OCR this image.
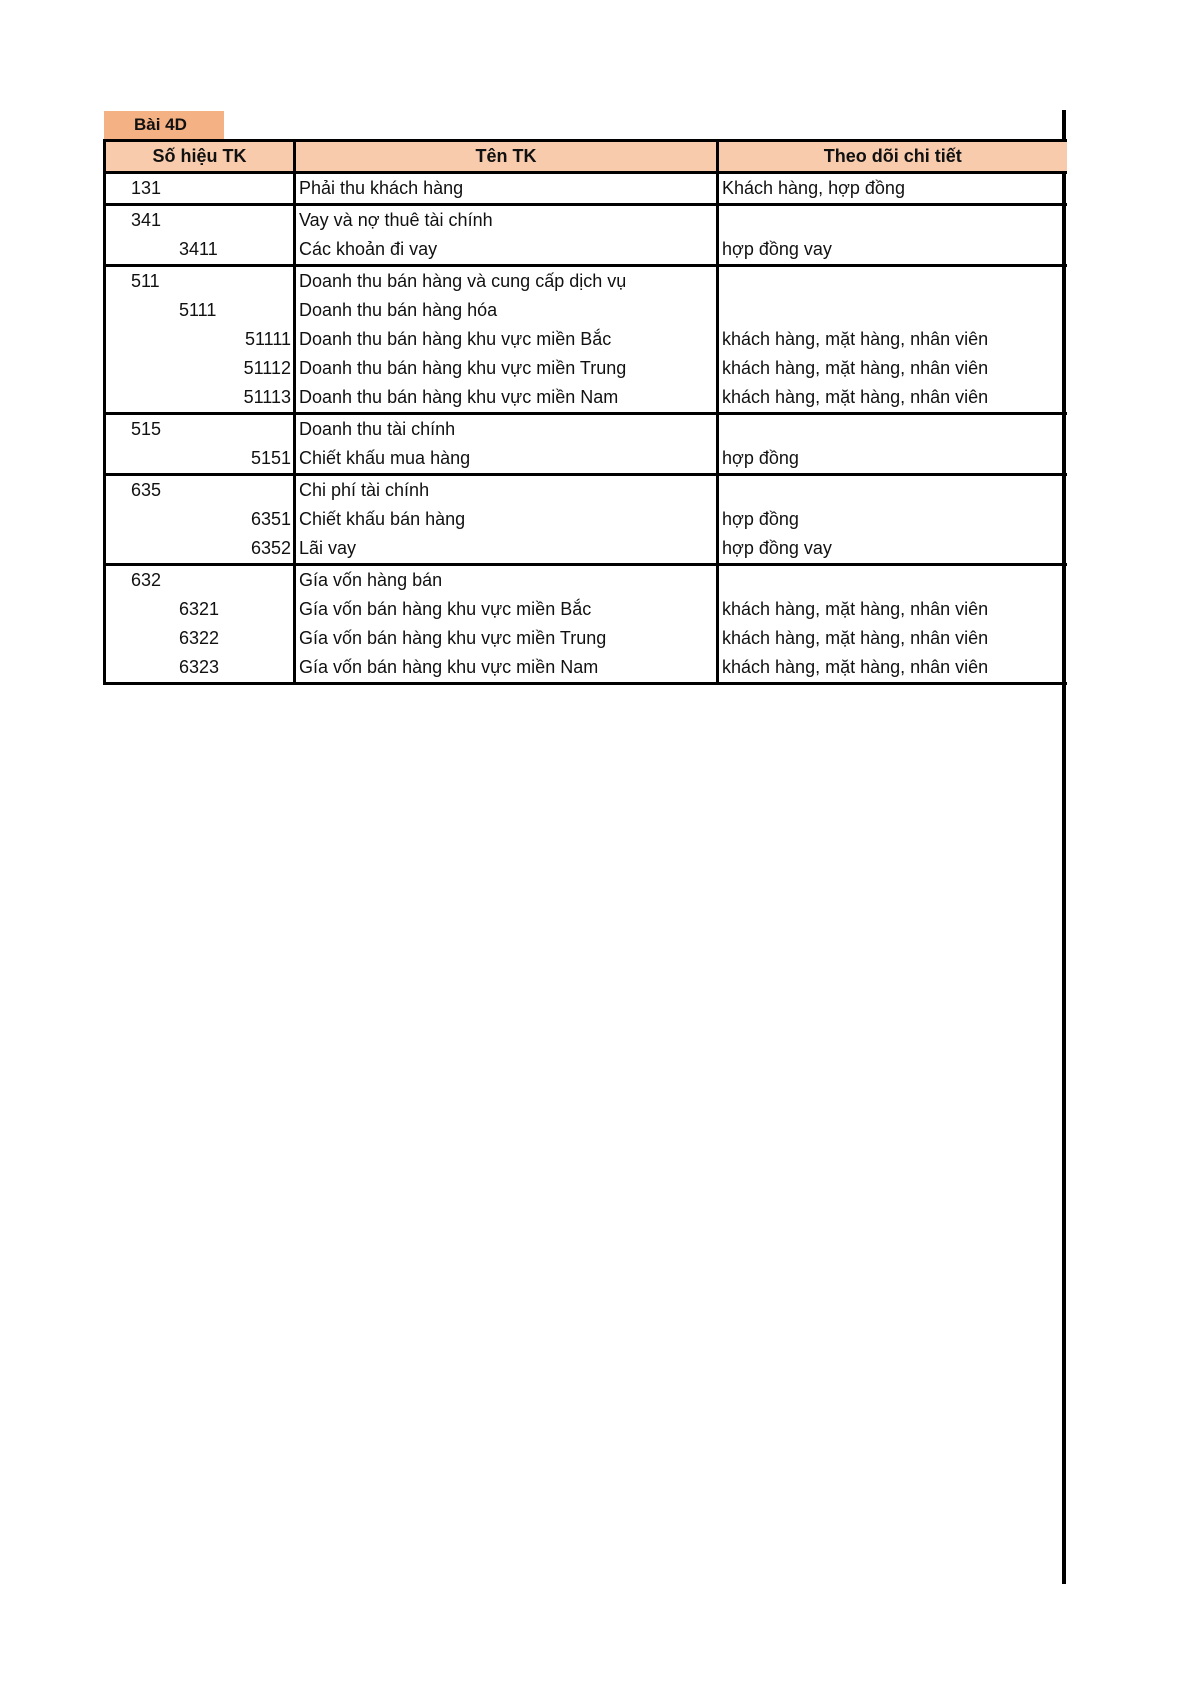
Bài 4D
Số hiệu TK	Tên TK	Theo dõi chi tiết
131	Phải thu khách hàng	Khách hàng, hợp đồng
341	Vay và nợ thuê tài chính	
3411	Các khoản đi vay	hợp đồng vay
511	Doanh thu bán hàng và cung cấp dịch vụ	
5111	Doanh thu bán hàng hóa	
51111	Doanh thu bán hàng khu vực miền Bắc	khách hàng, mặt hàng, nhân viên
51112	Doanh thu bán hàng khu vực miền Trung	khách hàng, mặt hàng, nhân viên
51113	Doanh thu bán hàng khu vực miền Nam	khách hàng, mặt hàng, nhân viên
515	Doanh thu tài chính	
5151	Chiết khấu mua hàng	hợp đồng
635	Chi phí tài chính	
6351	Chiết khấu bán hàng	hợp đồng
6352	Lãi vay	hợp đồng vay
632	Gía vốn hàng bán	
6321	Gía vốn bán hàng khu vực miền Bắc	khách hàng, mặt hàng, nhân viên
6322	Gía vốn bán hàng khu vực miền Trung	khách hàng, mặt hàng, nhân viên
6323	Gía vốn bán hàng khu vực miền Nam	khách hàng, mặt hàng, nhân viên
